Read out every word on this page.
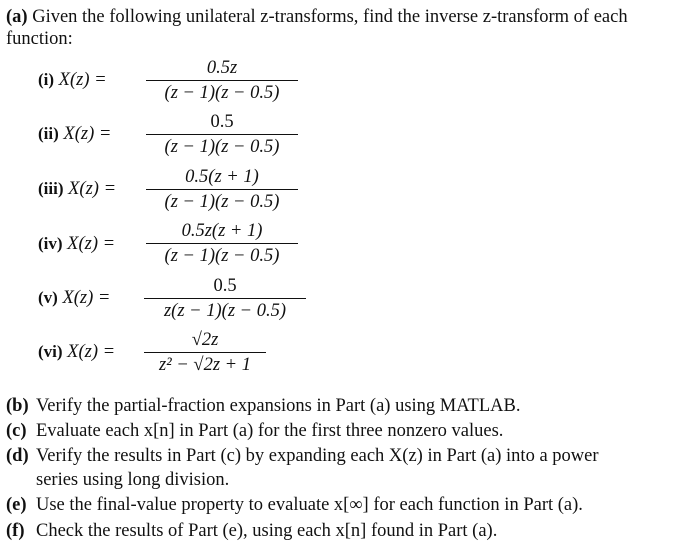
(a) Given the following unilateral z-transforms, find the inverse z-transform of each function:
(i) X(z) =
0.5z
(z − 1)(z − 0.5)
(ii) X(z) =
0.5
(z − 1)(z − 0.5)
(iii) X(z) =
0.5(z + 1)
(z − 1)(z − 0.5)
(iv) X(z) =
0.5z(z + 1)
(z − 1)(z − 0.5)
(v) X(z) =
0.5
z(z − 1)(z − 0.5)
(vi) X(z) =
√2z
z² − √2z + 1
(b) Verify the partial-fraction expansions in Part (a) using MATLAB.
(c) Evaluate each x[n] in Part (a) for the first three nonzero values.
(d) Verify the results in Part (c) by expanding each X(z) in Part (a) into a power
series using long division.
(e) Use the final-value property to evaluate x[∞] for each function in Part (a).
(f) Check the results of Part (e), using each x[n] found in Part (a).
